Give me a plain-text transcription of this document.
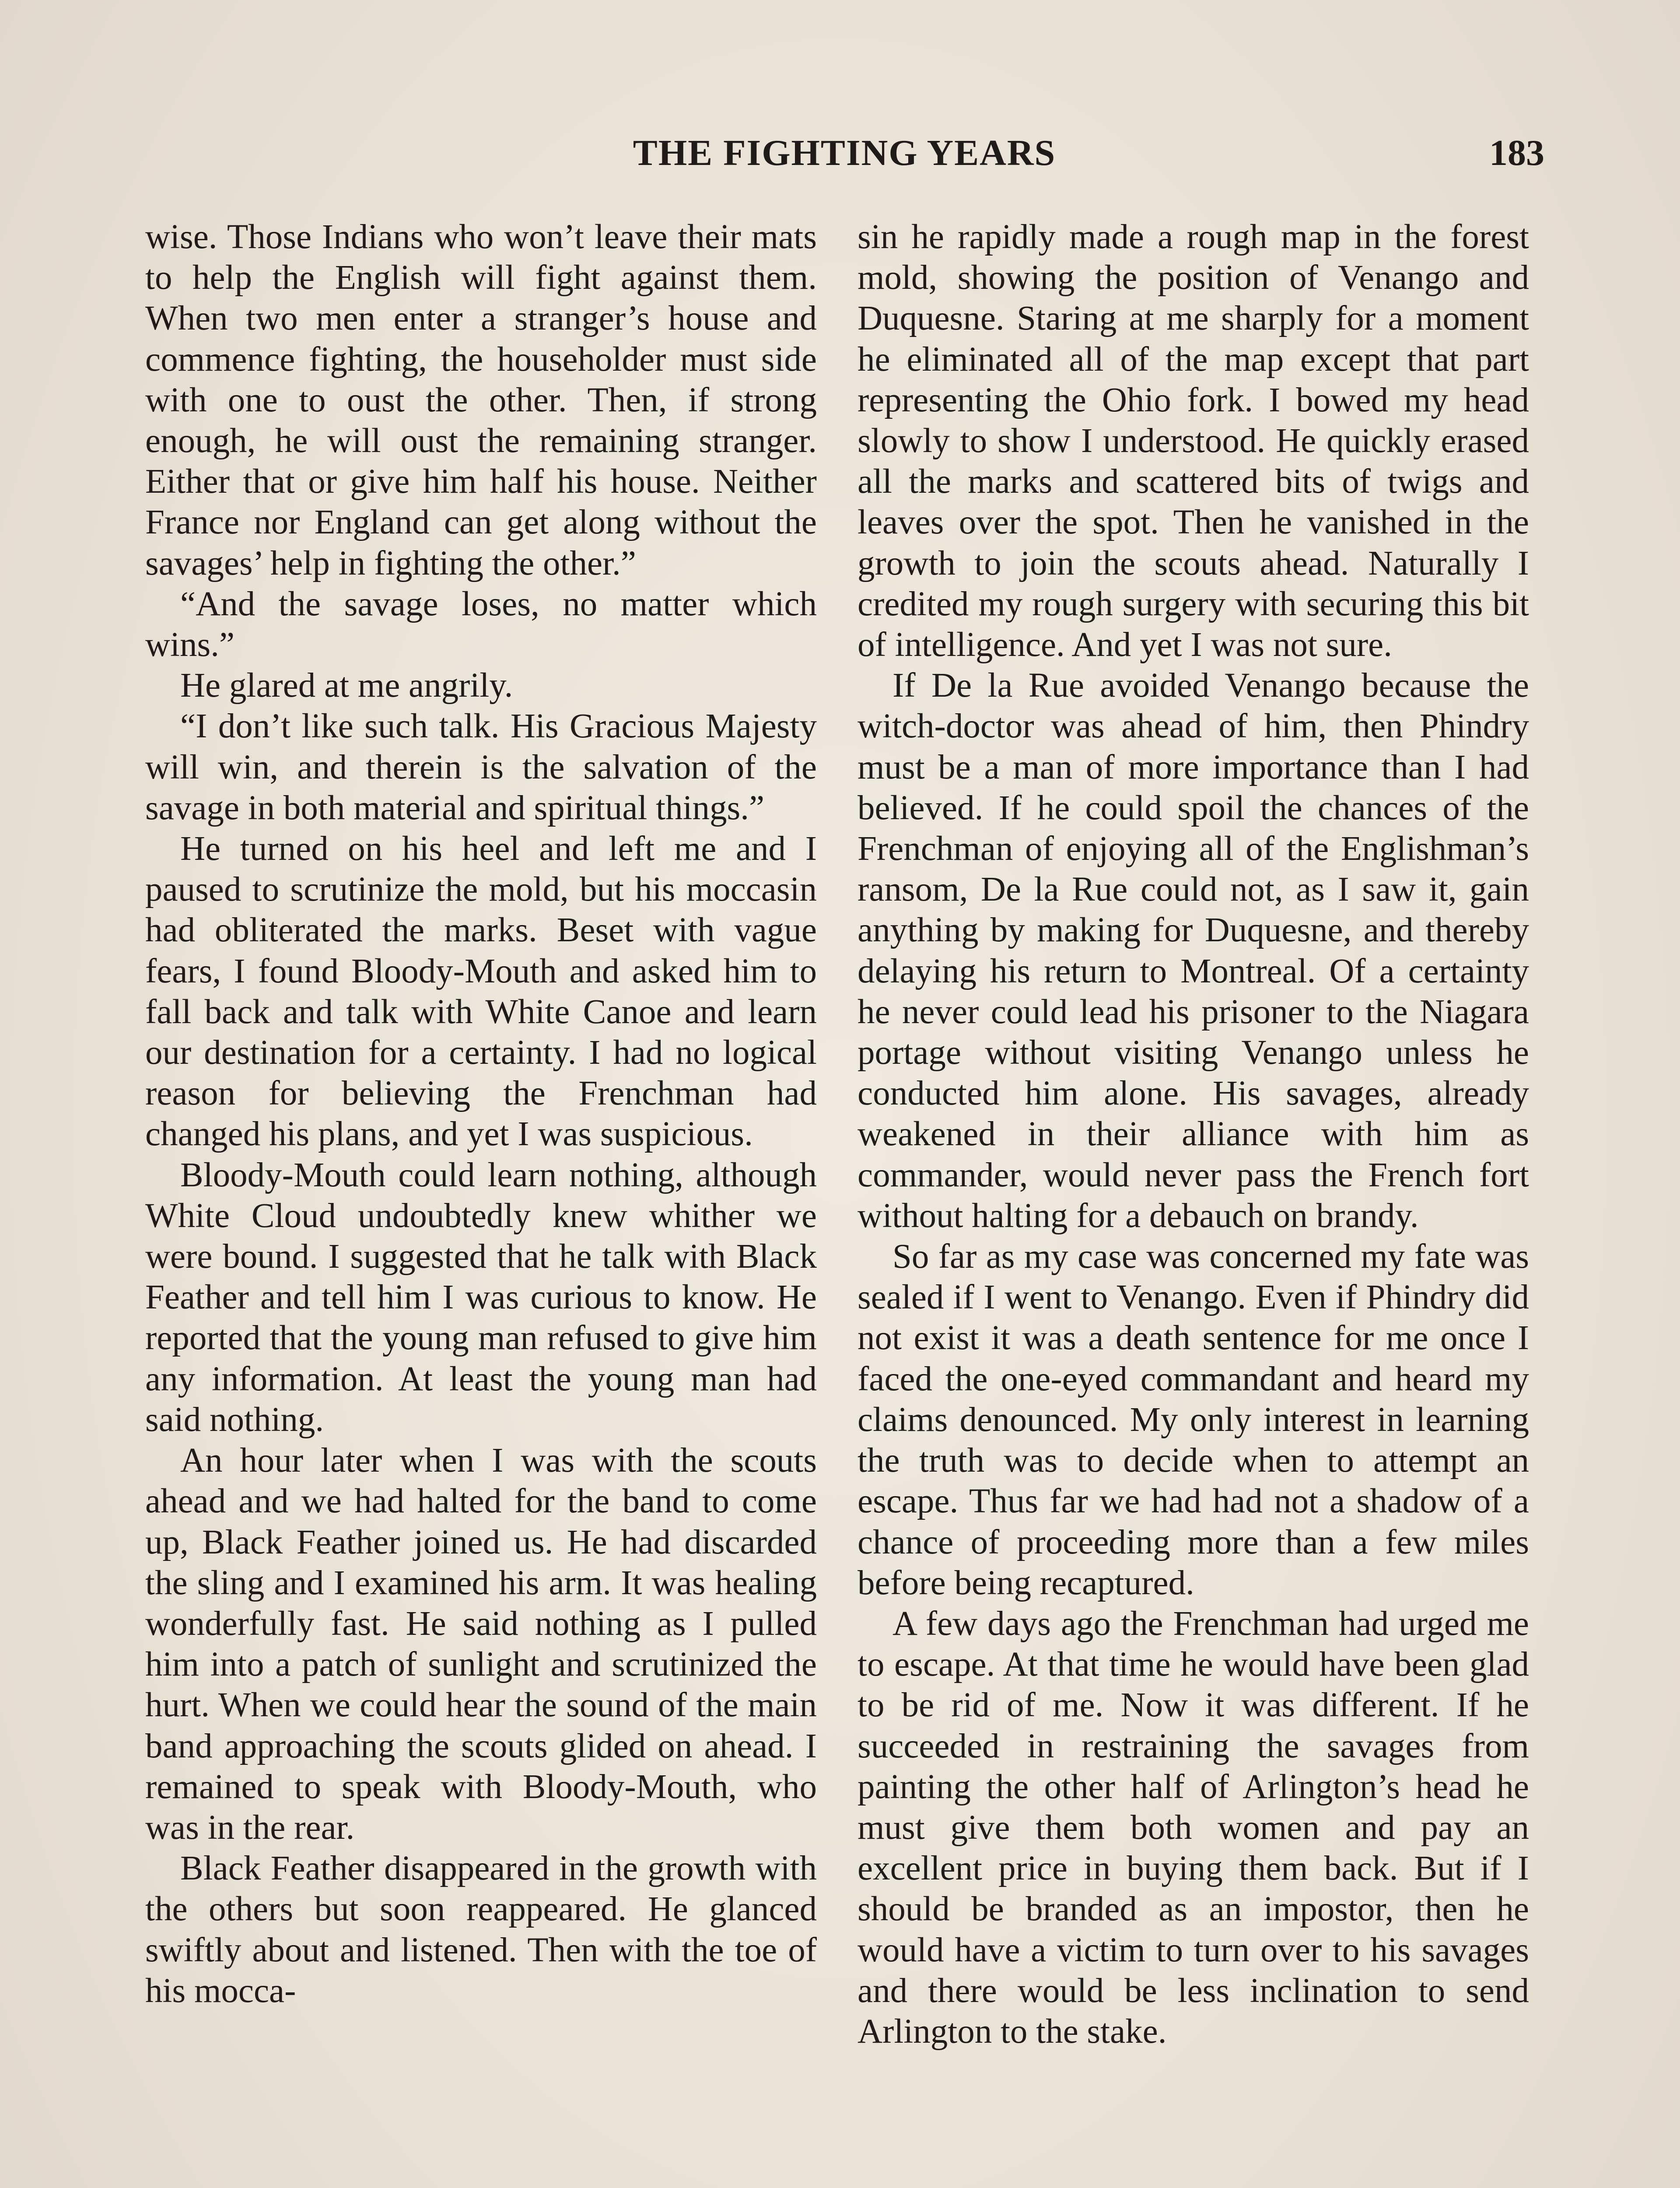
THE FIGHTING YEARS	183

wise. Those Indians who won’t leave their mats to help the English will fight against them. When two men enter a stranger’s house and commence fighting, the householder must side with one to oust the other. Then, if strong enough, he will oust the remaining stranger. Either that or give him half his house. Neither France nor England can get along without the savages’ help in fighting the other.”

“And the savage loses, no matter which wins.”

He glared at me angrily.

“I don’t like such talk. His Gracious Majesty will win, and therein is the salvation of the savage in both material and spiritual things.”

He turned on his heel and left me and I paused to scrutinize the mold, but his moccasin had obliterated the marks. Beset with vague fears, I found Bloody-Mouth and asked him to fall back and talk with White Canoe and learn our destination for a certainty. I had no logical reason for believing the Frenchman had changed his plans, and yet I was suspicious.

Bloody-Mouth could learn nothing, although White Cloud undoubtedly knew whither we were bound. I suggested that he talk with Black Feather and tell him I was curious to know. He reported that the young man refused to give him any information. At least the young man had said nothing.

An hour later when I was with the scouts ahead and we had halted for the band to come up, Black Feather joined us. He had discarded the sling and I examined his arm. It was healing wonderfully fast. He said nothing as I pulled him into a patch of sunlight and scrutinized the hurt. When we could hear the sound of the main band approaching the scouts glided on ahead. I remained to speak with Bloody-Mouth, who was in the rear.

Black Feather disappeared in the growth with the others but soon reappeared. He glanced swiftly about and listened. Then with the toe of his mocca-

sin he rapidly made a rough map in the forest mold, showing the position of Venango and Duquesne. Staring at me sharply for a moment he eliminated all of the map except that part representing the Ohio fork. I bowed my head slowly to show I understood. He quickly erased all the marks and scattered bits of twigs and leaves over the spot. Then he vanished in the growth to join the scouts ahead. Naturally I credited my rough surgery with securing this bit of intelligence. And yet I was not sure.

If De la Rue avoided Venango because the witch-doctor was ahead of him, then Phindry must be a man of more importance than I had believed. If he could spoil the chances of the Frenchman of enjoying all of the Englishman’s ransom, De la Rue could not, as I saw it, gain anything by making for Duquesne, and thereby delaying his return to Montreal. Of a certainty he never could lead his prisoner to the Niagara portage without visiting Venango unless he conducted him alone. His savages, already weakened in their alliance with him as commander, would never pass the French fort without halting for a debauch on brandy.

So far as my case was concerned my fate was sealed if I went to Venango. Even if Phindry did not exist it was a death sentence for me once I faced the one-eyed commandant and heard my claims denounced. My only interest in learning the truth was to decide when to attempt an escape. Thus far we had had not a shadow of a chance of proceeding more than a few miles before being recaptured.

A few days ago the Frenchman had urged me to escape. At that time he would have been glad to be rid of me. Now it was different. If he succeeded in restraining the savages from painting the other half of Arlington’s head he must give them both women and pay an excellent price in buying them back. But if I should be branded as an impostor, then he would have a victim to turn over to his savages and there would be less inclination to send Arlington to the stake.
